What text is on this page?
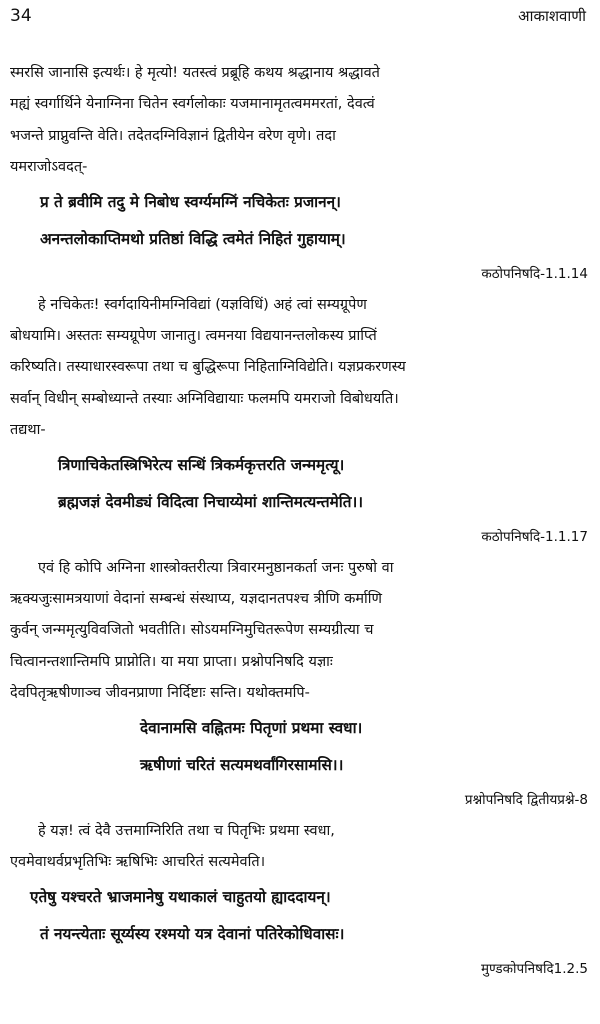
34	आकाशवाणी

स्मरसि जानासि इत्यर्थः। हे मृत्यो! यतस्त्वं प्रब्रूहि कथय श्रद्धानाय श्रद्धावते

मह्यं स्वर्गार्थिने येनाग्निना चितेन स्वर्गलोकाः यजमानामृतत्वममरतां, देवत्वं

भजन्ते प्राप्नुवन्ति वेति। तदेतदग्निविज्ञानं द्वितीयेन वरेण वृणे। तदा

यमराजोऽवदत्-

प्र ते ब्रवीमि तदु मे निबोध स्वर्ग्यमग्निं नचिकेतः प्रजानन्।

अनन्तलोकाप्तिमथो प्रतिष्ठां विद्धि त्वमेतं निहितं गुहायाम्।

कठोपनिषदि-1.1.14

हे नचिकेतः! स्वर्गदायिनीमग्निविद्यां (यज्ञविधिं) अहं त्वां सम्यग्रूपेण

बोधयामि। अस्ततः सम्यग्रूपेण जानातु। त्वमनया विद्ययानन्तलोकस्य प्राप्तिं

करिष्यति। तस्याधारस्वरूपा तथा च बुद्धिरूपा निहिताग्निविद्येति। यज्ञप्रकरणस्य

सर्वान् विधीन् सम्बोध्यान्ते तस्याः अग्निविद्यायाः फलमपि यमराजो विबोधयति।

तद्यथा-

त्रिणाचिकेतस्त्रिभिरेत्य सन्धिं त्रिकर्मकृत्तरति जन्ममृत्यू।

ब्रह्मजज्ञं देवमीड्यं विदित्वा निचाय्येमां शान्तिमत्यन्तमेति।।

कठोपनिषदि-1.1.17

एवं हि कोपि अग्निना शास्त्रोक्तरीत्या त्रिवारमनुष्ठानकर्ता जनः पुरुषो वा

ऋक्यजुःसामत्रयाणां वेदानां सम्बन्धं संस्थाप्य, यज्ञदानतपश्च त्रीणि कर्माणि

कुर्वन् जन्ममृत्युविवजितो भवतीति। सोऽयमग्निमुचितरूपेण सम्यग्रीत्या च

चित्वानन्तशान्तिमपि प्राप्नोति। या मया प्राप्ता। प्रश्नोपनिषदि यज्ञाः

देवपितृऋषीणाञ्च जीवनप्राणा निर्दिष्टाः सन्ति। यथोक्तमपि-

देवानामसि वह्नितमः पितृणां प्रथमा स्वधा।

ऋषीणां चरितं सत्यमथर्वांगिरसामसि।।

प्रश्नोपनिषदि द्वितीयप्रश्ने-8

हे यज्ञ! त्वं देवै उत्तमाग्निरिति तथा च पितृभिः प्रथमा स्वधा,

एवमेवाथर्वप्रभृतिभिः ऋषिभिः आचरितं सत्यमेवति।

एतेषु यश्चरते भ्राजमानेषु यथाकालं चाहुतयो ह्याददायन्।

तं नयन्त्येताः सूर्य्यस्य रश्मयो यत्र देवानां पतिरेकोधिवासः।

मुण्डकोपनिषदि1.2.5
